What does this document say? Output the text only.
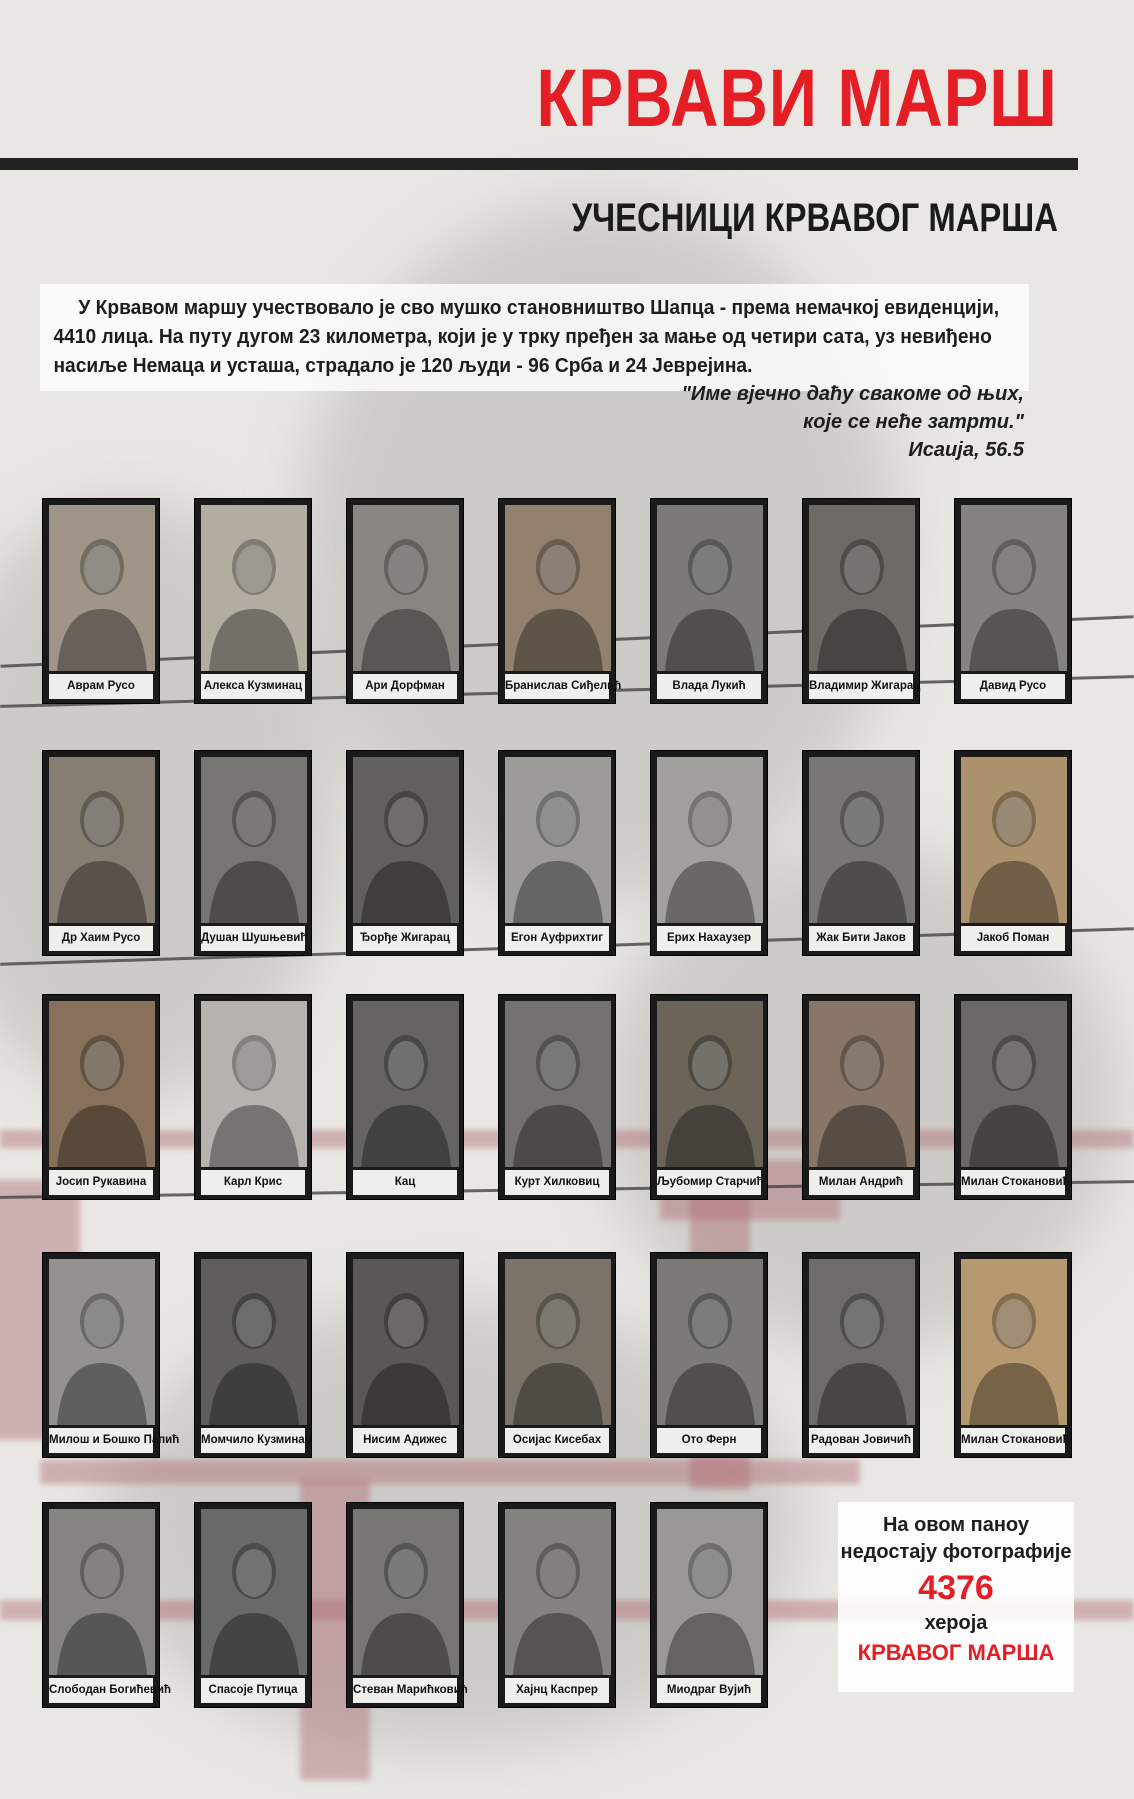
КРВАВИ МАРШ
УЧЕСНИЦИ КРВАВОГ МАРША

У Крвавом маршу учествовало је сво мушко становништво Шапца - према немачкој евиденцији, 4410 лица. На путу дугом 23 километра, који је у трку пређен за мање од четири сата, уз невиђено насиље Немаца и усташа, страдало је 120 људи - 96 Срба и 24 Јевреjина.

"Име вјечно даћу свакоме од њих,
које се неће затрти."
Исаија, 56.5
Аврам Русо	Алекса Кузминац	Ари Дорфман	Бранислав Сиђелић	Влада Лукић	Владимир Жигарац	Давид Русо
Др Хаим Русо	Душан Шушњевић	Ђорђе Жигарац	Егон Ауфрихтиг	Ерих Нахаузер	Жак Бити Јаков	Јакоб Поман
Јосип Рукавина	Карл Крис	Кац	Курт Хилковиц	Љубомир Старчић	Милан Андрић	Милан Стокановић
Милош и Бошко Папић Момчило Кузминац	Нисим Адижес	Осијас Кисебах	Ото Ферн	Радован Јовичић	Милан Стокановић
Слободан Богићевић	Спасоје Путица	Стеван Марићковић	Хајнц Каспрер	Миодраг Вујић
На овом паноу
недостају фотографије
4376
хероја
КРВАВОГ МАРША
